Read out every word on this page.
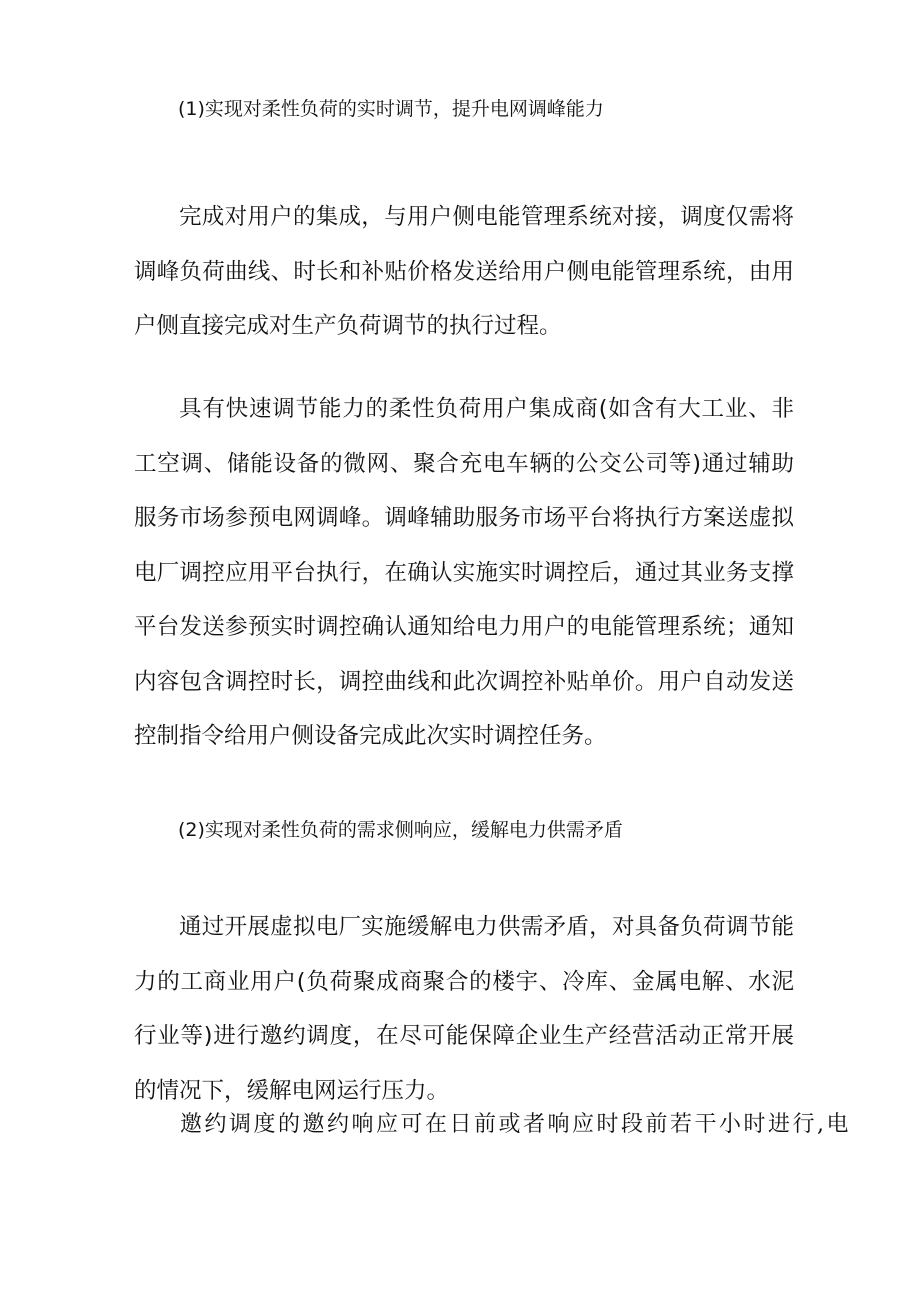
(1)实现对柔性负荷的实时调节，提升电网调峰能力
完成对用户的集成，与用户侧电能管理系统对接，调度仅需将调峰负荷曲线、时长和补贴价格发送给用户侧电能管理系统，由用户侧直接完成对生产负荷调节的执行过程。
具有快速调节能力的柔性负荷用户集成商(如含有大工业、非工空调、储能设备的微网、聚合充电车辆的公交公司等)通过辅助服务市场参预电网调峰。调峰辅助服务市场平台将执行方案送虚拟电厂调控应用平台执行，在确认实施实时调控后，通过其业务支撑平台发送参预实时调控确认通知给电力用户的电能管理系统；通知内容包含调控时长，调控曲线和此次调控补贴单价。用户自动发送控制指令给用户侧设备完成此次实时调控任务。
(2)实现对柔性负荷的需求侧响应，缓解电力供需矛盾
通过开展虚拟电厂实施缓解电力供需矛盾，对具备负荷调节能力的工商业用户(负荷聚成商聚合的楼宇、冷库、金属电解、水泥行业等)进行邀约调度，在尽可能保障企业生产经营活动正常开展的情况下，缓解电网运行压力。
邀约调度的邀约响应可在日前或者响应时段前若干小时进行,电
